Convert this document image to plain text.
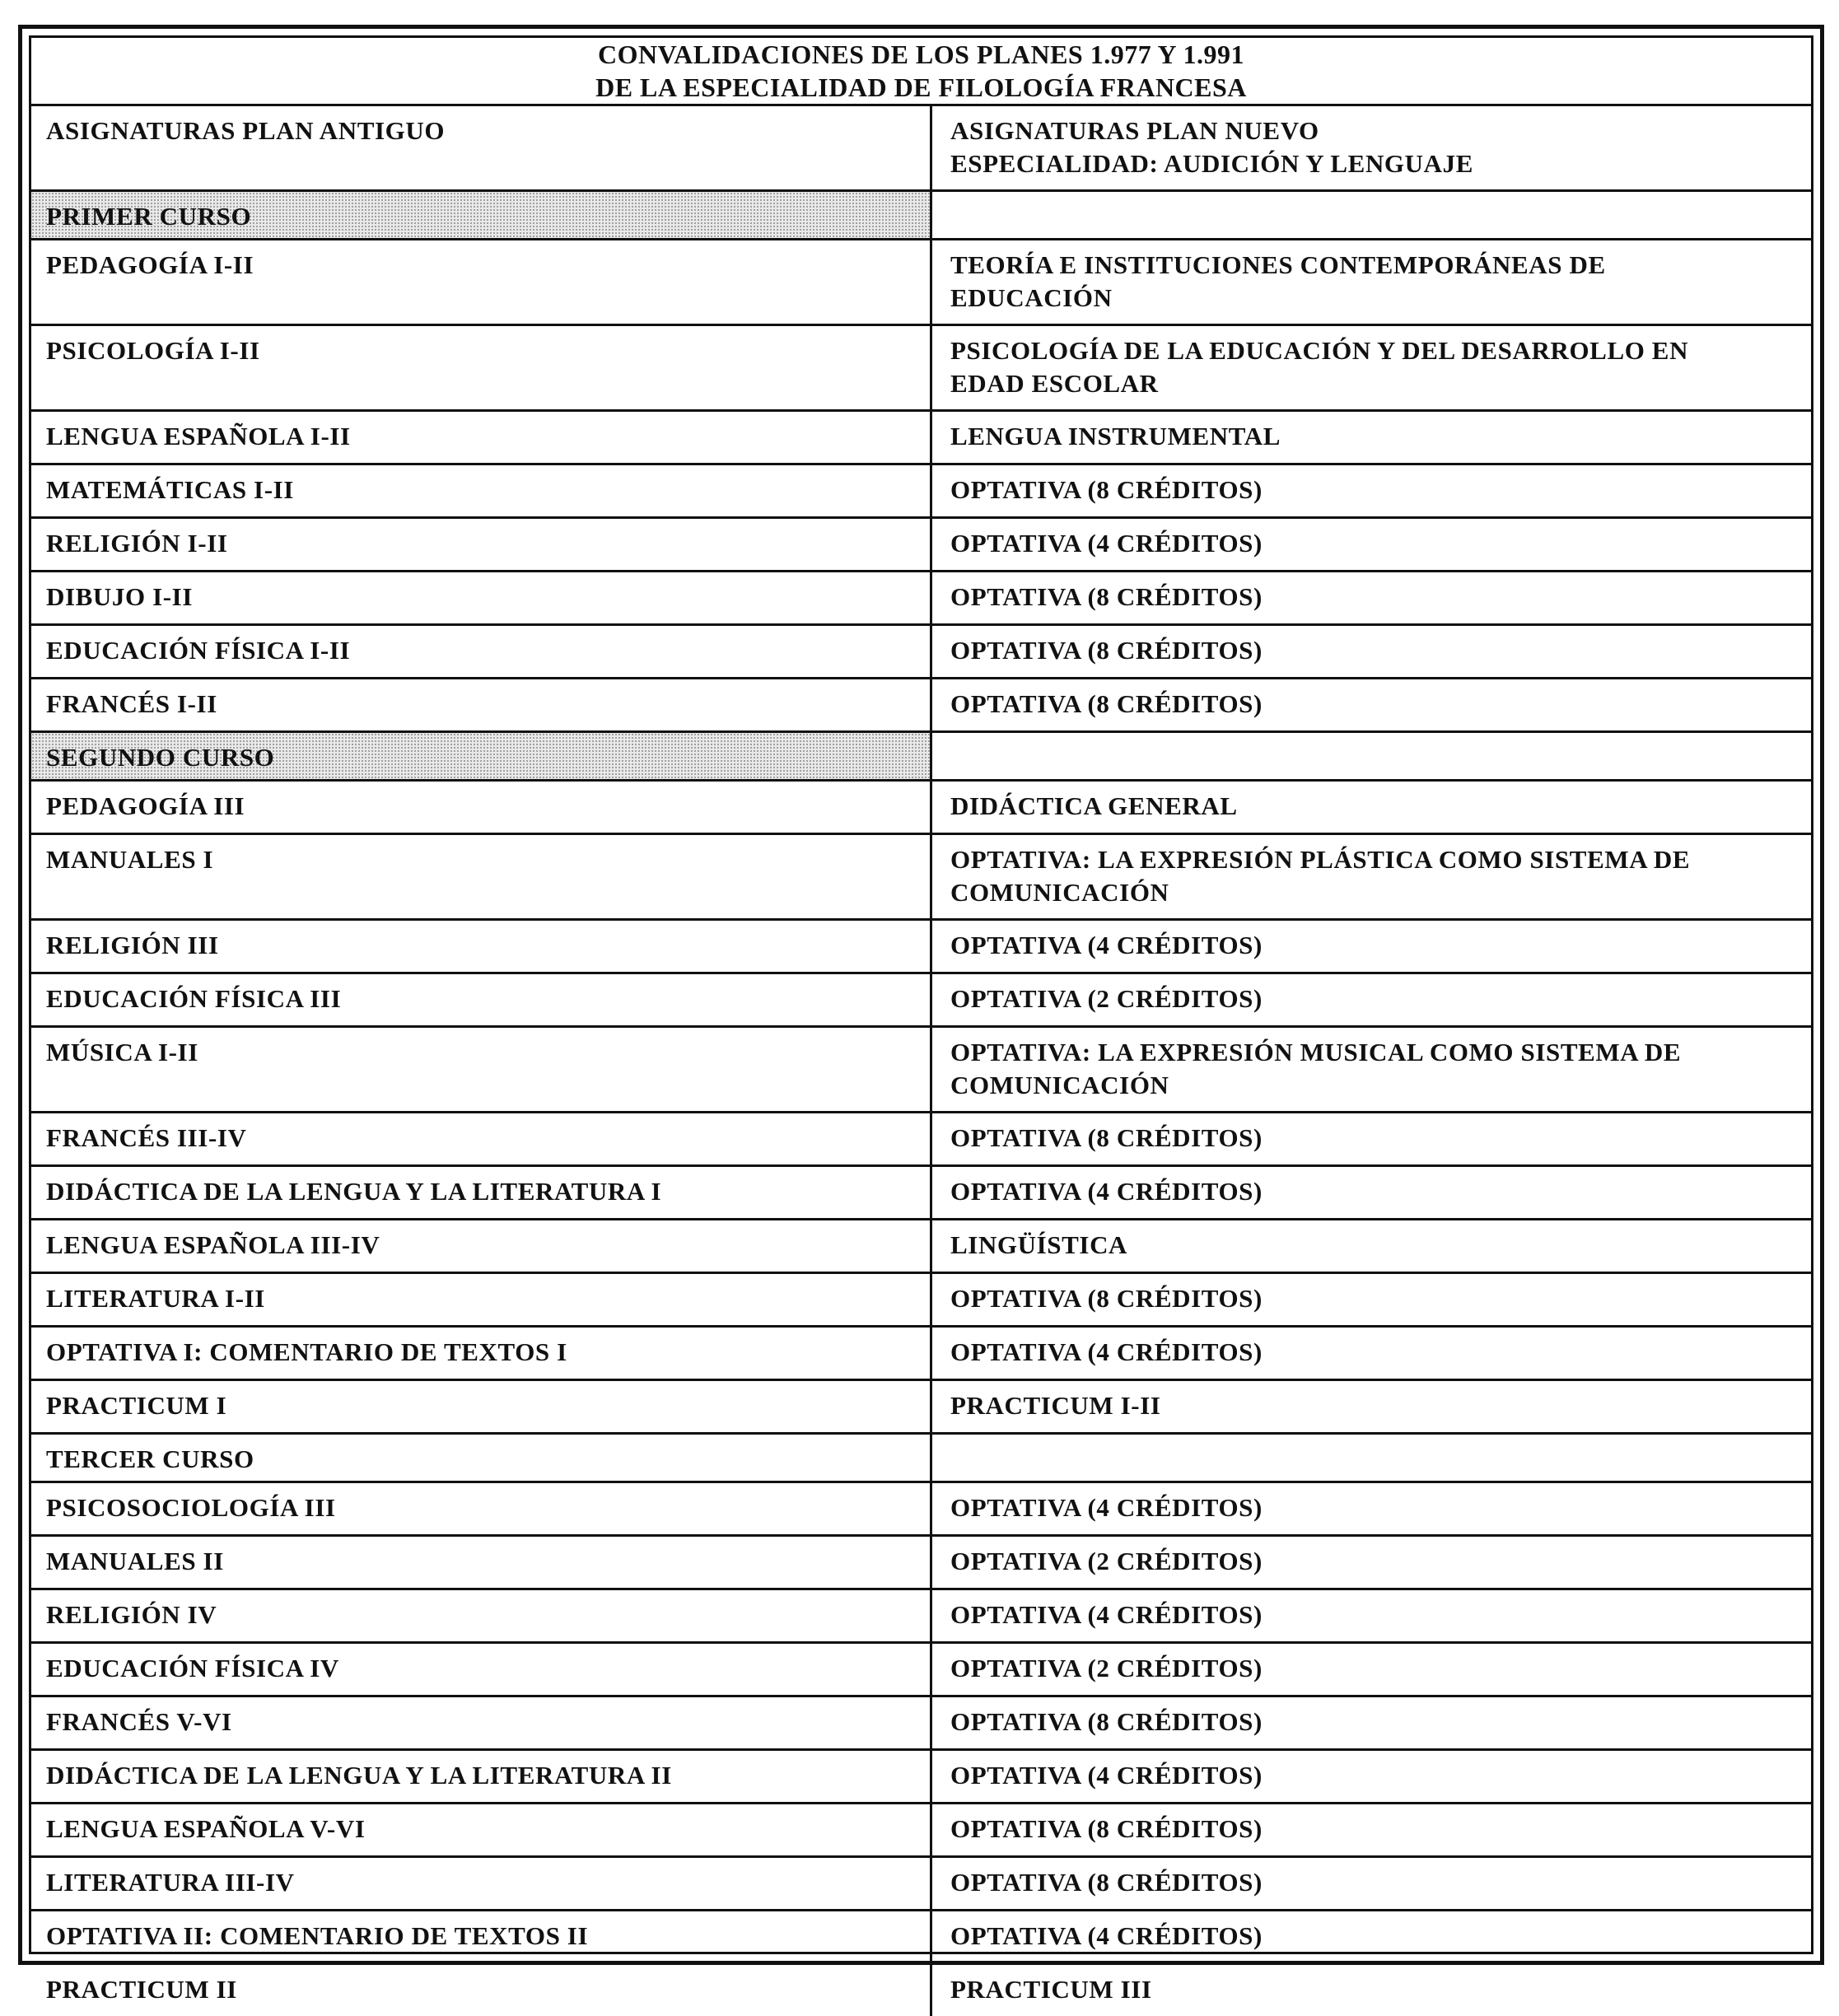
CONVALIDACIONES DE LOS PLANES 1.977 Y 1.991
DE LA ESPECIALIDAD DE FILOLOGÍA FRANCESA
ASIGNATURAS PLAN ANTIGUO	ASIGNATURAS PLAN NUEVO
ESPECIALIDAD: AUDICIÓN Y LENGUAJE
PRIMER CURSO
PEDAGOGÍA I-II	TEORÍA E INSTITUCIONES CONTEMPORÁNEAS DE
EDUCACIÓN
PSICOLOGÍA I-II	PSICOLOGÍA DE LA EDUCACIÓN Y DEL DESARROLLO EN
EDAD ESCOLAR
LENGUA ESPAÑOLA I-II	LENGUA INSTRUMENTAL
MATEMÁTICAS I-II	OPTATIVA (8 CRÉDITOS)
RELIGIÓN I-II	OPTATIVA (4 CRÉDITOS)
DIBUJO I-II	OPTATIVA (8 CRÉDITOS)
EDUCACIÓN FÍSICA I-II	OPTATIVA (8 CRÉDITOS)
FRANCÉS I-II	OPTATIVA (8 CRÉDITOS)
SEGUNDO CURSO
PEDAGOGÍA III	DIDÁCTICA GENERAL
MANUALES I	OPTATIVA: LA EXPRESIÓN PLÁSTICA COMO SISTEMA DE
COMUNICACIÓN
RELIGIÓN III	OPTATIVA (4 CRÉDITOS)
EDUCACIÓN FÍSICA III	OPTATIVA (2 CRÉDITOS)
MÚSICA I-II	OPTATIVA: LA EXPRESIÓN MUSICAL COMO SISTEMA DE
COMUNICACIÓN
FRANCÉS III-IV	OPTATIVA (8 CRÉDITOS)
DIDÁCTICA DE LA LENGUA Y LA LITERATURA I	OPTATIVA (4 CRÉDITOS)
LENGUA ESPAÑOLA III-IV	LINGÜÍSTICA
LITERATURA I-II	OPTATIVA (8 CRÉDITOS)
OPTATIVA I: COMENTARIO DE TEXTOS I	OPTATIVA (4 CRÉDITOS)
PRACTICUM I	PRACTICUM I-II
TERCER CURSO
PSICOSOCIOLOGÍA III	OPTATIVA (4 CRÉDITOS)
MANUALES II	OPTATIVA (2 CRÉDITOS)
RELIGIÓN IV	OPTATIVA (4 CRÉDITOS)
EDUCACIÓN FÍSICA IV	OPTATIVA (2 CRÉDITOS)
FRANCÉS V-VI	OPTATIVA (8 CRÉDITOS)
DIDÁCTICA DE LA LENGUA Y LA LITERATURA II	OPTATIVA (4 CRÉDITOS)
LENGUA ESPAÑOLA V-VI	OPTATIVA (8 CRÉDITOS)
LITERATURA III-IV	OPTATIVA (8 CRÉDITOS)
OPTATIVA II: COMENTARIO DE TEXTOS II	OPTATIVA (4 CRÉDITOS)
PRACTICUM II	PRACTICUM III
